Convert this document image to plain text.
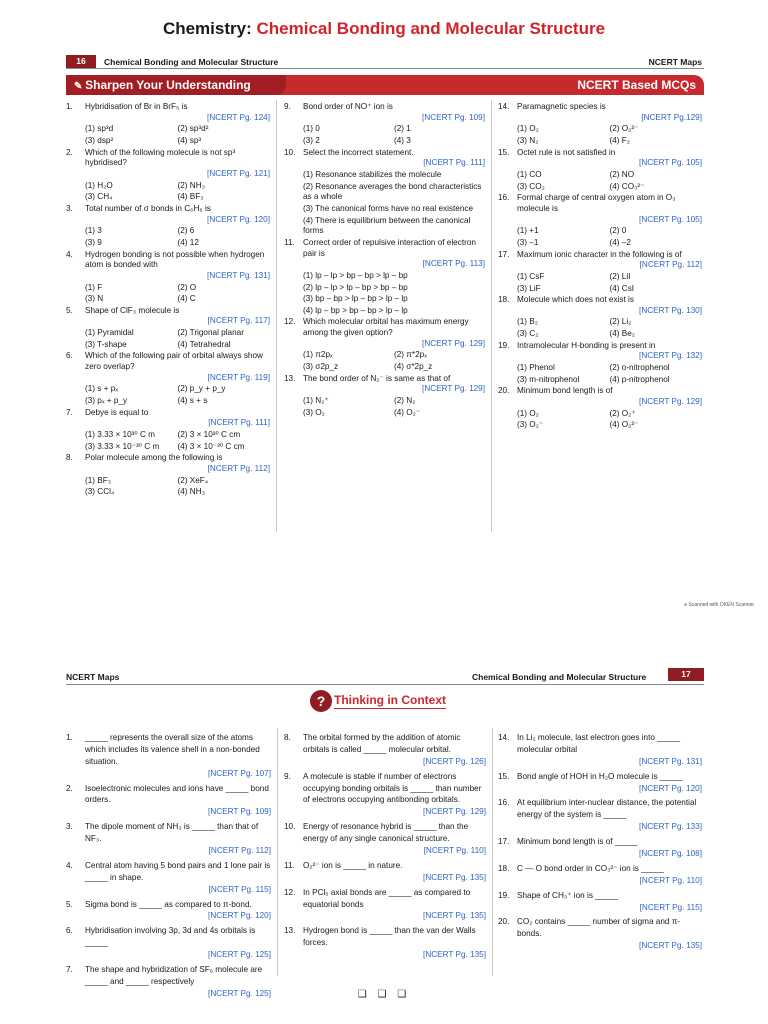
Chemistry: Chemical Bonding and Molecular Structure
16	Chemical Bonding and Molecular Structure	NCERT Maps
✎ Sharpen Your Understanding	NCERT Based MCQs
1. Hybridisation of Br in BrF₅ is
[NCERT Pg. 124]
(1) sp³d	(2) sp³d²
(3) dsp²	(4) sp³
2. Which of the following molecule is not sp³ hybridised?
[NCERT Pg. 121]
(1) H₂O	(2) NH₃
(3) CH₄	(4) BF₃
3. Total number of σ bonds in C₆H₆ is
[NCERT Pg. 120]
(1) 3	(2) 6
(3) 9	(4) 12
4. Hydrogen bonding is not possible when hydrogen atom is bonded with
[NCERT Pg. 131]
(1) F	(2) O
(3) N	(4) C
5. Shape of ClF₃ molecule is
[NCERT Pg. 117]
(1) Pyramidal	(2) Trigonal planar
(3) T-shape	(4) Tetrahedral
6. Which of the following pair of orbital always show zero overlap?
[NCERT Pg. 119]
(1) s + pₓ	(2) p_y + p_y
(3) pₓ + p_y	(4) s + s
7. Debye is equal to
[NCERT Pg. 111]
(1) 3.33 × 10³⁰ C m	(2) 3 × 10³⁰ C cm
(3) 3.33 × 10⁻³⁰ C m	(4) 3 × 10⁻³⁰ C cm
8. Polar molecule among the following is
[NCERT Pg. 112]
(1) BF₃	(2) XeF₄
(3) CCl₄	(4) NH₃
9. Bond order of NO⁺ ion is
[NCERT Pg. 109]
(1) 0	(2) 1
(3) 2	(4) 3
10. Select the incorrect statement.
[NCERT Pg. 111]
(1) Resonance stabilizes the molecule
(2) Resonance averages the bond characteristics as a whole
(3) The canonical forms have no real existence
(4) There is equilibrium between the canonical forms
11. Correct order of repulsive interaction of electron pair is
[NCERT Pg. 113]
(1) lp – lp > bp – bp > lp – bp
(2) lp – lp > lp – bp > bp – bp
(3) bp – bp > lp – bp > lp – lp
(4) lp – bp > bp – bp > lp – lp
12. Which molecular orbital has maximum energy among the given option?
[NCERT Pg. 129]
(1) π2pₓ	(2) π*2pₓ
(3) σ2p_z	(4) σ*2p_z
13. The bond order of N₂⁻ is same as that of
[NCERT Pg. 129]
(1) N₂⁺	(2) N₂
(3) O₂	(4) O₂⁻
14. Paramagnetic species is
[NCERT Pg.129]
(1) O₂	(2) O₂²⁻
(3) N₂	(4) F₂
15. Octet rule is not satisfied in
[NCERT Pg. 105]
(1) CO	(2) NO
(3) CO₂	(4) CO₃²⁻
16. Formal charge of central oxygen atom in O₃ molecule is
[NCERT Pg. 105]
(1) +1	(2) 0
(3) –1	(4) –2
17. Maximum ionic character in the following is of
[NCERT Pg. 112]
(1) CsF	(2) LiI
(3) LiF	(4) CsI
18. Molecule which does not exist is
[NCERT Pg. 130]
(1) B₂	(2) Li₂
(3) C₂	(4) Be₂
19. Intramolecular H-bonding is present in
[NCERT Pg. 132]
(1) Phenol	(2) o-nitrophenol
(3) m-nitrophenol	(4) p-nitrophenol
20. Minimum bond length is of
[NCERT Pg. 129]
(1) O₂	(2) O₂⁺
(3) O₂⁻	(4) O₂²⁻
● Scanned with OKEN Scanner
NCERT Maps	Chemical Bonding and Molecular Structure	17
? Thinking in Context
1. _____ represents the overall size of the atoms which includes its valence shell in a non-bonded situation.
[NCERT Pg. 107]
2. Isoelectronic molecules and ions have _____ bond orders.
[NCERT Pg. 109]
3. The dipole moment of NH₃ is _____ than that of NF₃.
[NCERT Pg. 112]
4. Central atom having 5 bond pairs and 1 lone pair is _____ in shape.
[NCERT Pg. 115]
5. Sigma bond is _____ as compared to π-bond.
[NCERT Pg. 120]
6. Hybridisation involving 3p, 3d and 4s orbitals is _____
[NCERT Pg. 125]
7. The shape and hybridization of SF₆ molecule are _____ and _____ respectively
[NCERT Pg. 125]
8. The orbital formed by the addition of atomic orbitals is called _____ molecular orbital.
[NCERT Pg. 126]
9. A molecule is stable if number of electrons occupying bonding orbitals is _____ than number of electrons occupying antibonding orbitals.
[NCERT Pg. 129]
10. Energy of resonance hybrid is _____ than the energy of any single canonical structure.
[NCERT Pg. 110]
11. O₂²⁻ ion is _____ in nature.
[NCERT Pg. 135]
12. In PCl₅ axial bonds are _____ as compared to equatorial bonds
[NCERT Pg. 135]
13. Hydrogen bond is _____ than the van der Walls forces.
[NCERT Pg. 135]
14. In Li₂ molecule, last electron goes into _____ molecular orbital
[NCERT Pg. 131]
15. Bond angle of HOH in H₂O molecule is _____
[NCERT Pg. 120]
16. At equilibrium inter-nuclear distance, the potential energy of the system is _____
[NCERT Pg. 133]
17. Minimum bond length is of _____
[NCERT Pg. 108]
18. C — O bond order in CO₃²⁻ ion is _____
[NCERT Pg. 110]
19. Shape of CH₃⁺ ion is _____
[NCERT Pg. 115]
20. CO₂ contains _____ number of sigma and π-bonds.
[NCERT Pg. 135]
❑ ❑ ❑
